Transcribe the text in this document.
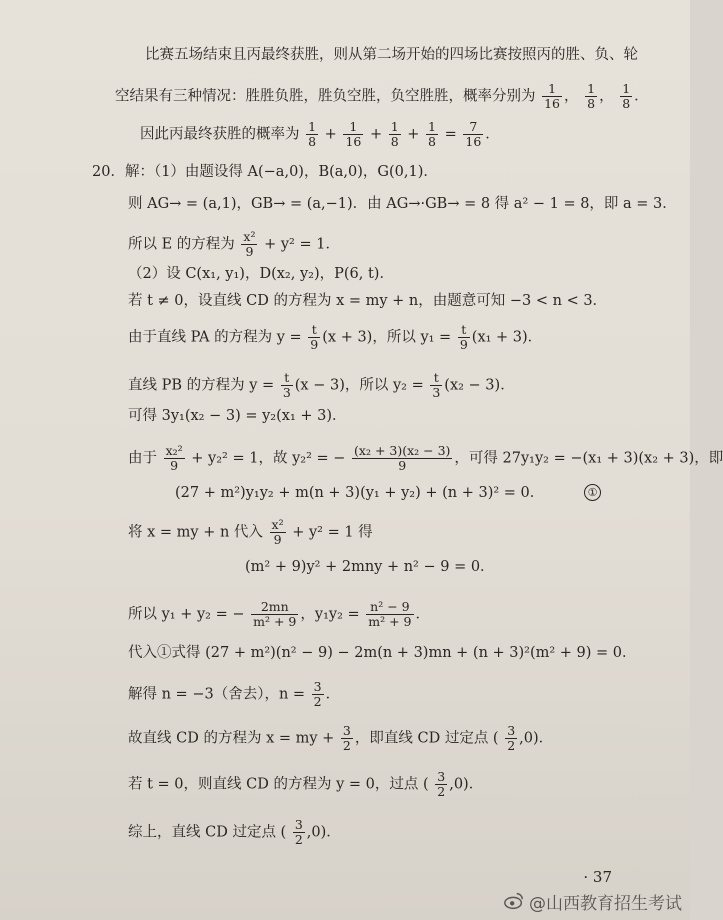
比赛五场结束且丙最终获胜，则从第二场开始的四场比赛按照丙的胜、负、轮
空结果有三种情况：胜胜负胜，胜负空胜，负空胜胜，概率分别为 $\frac{1}{16}$ ， $\frac{1}{8}$ ， $\frac{1}{8}$ ．
因此丙最终获胜的概率为 $\frac{1}{8} + \frac{1}{16} + \frac{1}{8} + \frac{1}{8} = \frac{7}{16}$ ．
20．解：（1）由题设得 A(−a,0)，B(a,0)，G(0,1)．
则 AG→ = (a,1)，GB→ = (a,−1)．由 AG→·GB→ = 8 得 a² − 1 = 8，即 a = 3．
所以 E 的方程为 $\frac{\text{x²}}{9} + y^2 = 1$．
（2）设 C(x₁, y₁)，D(x₂, y₂)，P(6, t)．
若 t ≠ 0，设直线 CD 的方程为 x = my + n，由题意可知 −3 < n < 3．
由于直线 PA 的方程为 $y = \frac{t}{9} (x + 3)$，所以 $y_1 = \frac{t}{9} (x_1 + 3)$．
直线 PB 的方程为 $y = \frac{t}{3} (x - 3)$，所以 $y_2 = \frac{t}{3} (x_2 - 3)$．
可得 3y₁(x₂ − 3) = y₂(x₁ + 3)．
由于 $\frac{\text{x₂²}}{9} + y_2^2 = 1$，故 y₂² = − $\frac{\text{(x₂ + 3)(x₂ − 3)}}{9}$ ，可得 27y₁y₂ = −(x₁ + 3)(x₂ + 3)，即
(27 + m²)y₁y₂ + m(n + 3)(y₁ + y₂) + (n + 3)² = 0．	①
将 x = my + n 代入 $\frac{\text{x²}}{9} + y^2 = 1$ 得
(m² + 9)y² + 2mny + n² − 9 = 0．
所以 y₁ + y₂ = − $\frac{2mn}{\text{m² + 9}}$ ，$y_1y_2 = \frac{\text{n² − 9}}{\text{m² + 9}}$ ．
代入①式得 (27 + m²)(n² − 9) − 2m(n + 3)mn + (n + 3)²(m² + 9) = 0．
解得 n = −3（舍去），$n = \frac{3}{2}$ ．
故直线 CD 的方程为 x = my + $\frac{3}{2}$ ，即直线 CD 过定点 ( $\frac{3}{2} ,0$)．
若 t = 0，则直线 CD 的方程为 y = 0，过点 ( $\frac{3}{2} ,0$)．
综上，直线 CD 过定点 ( $\frac{3}{2} ,0$)．
· 37
@山西教育招生考试
